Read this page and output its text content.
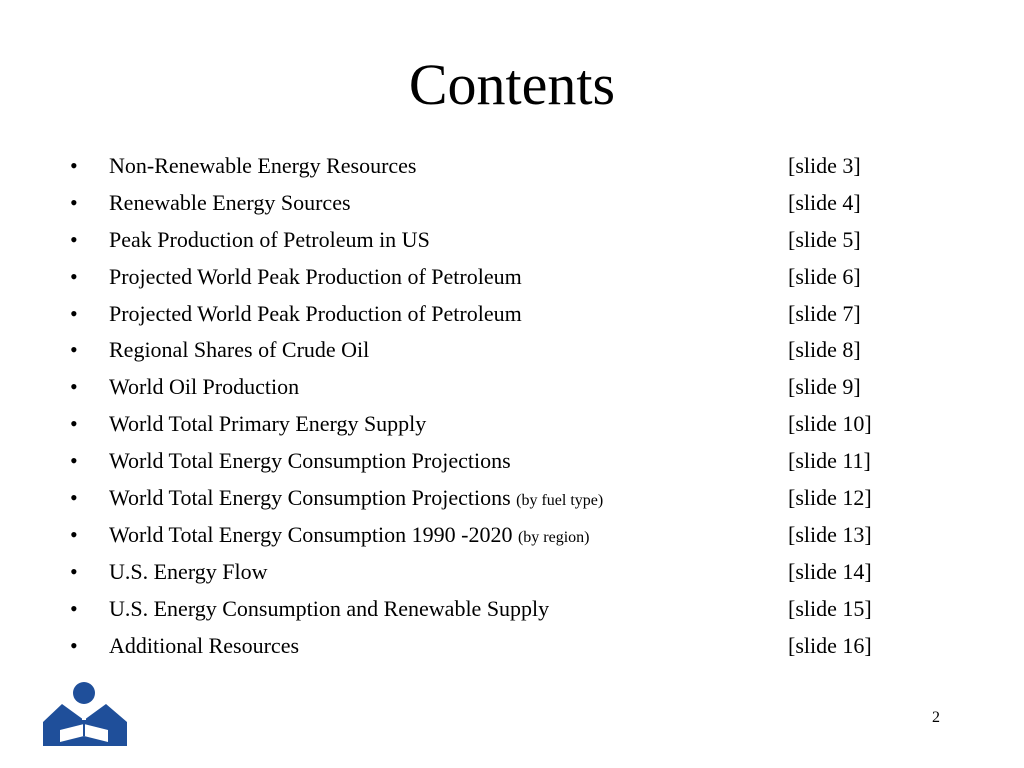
Contents
• Non-Renewable Energy Resources	[slide 3]
• Renewable Energy Sources	[slide 4]
• Peak Production of Petroleum in US	[slide 5]
• Projected World Peak Production of Petroleum	[slide 6]
• Projected World Peak Production of Petroleum	[slide 7]
• Regional Shares of Crude Oil	[slide 8]
• World Oil Production	[slide 9]
• World Total Primary Energy Supply	[slide 10]
• World Total Energy Consumption Projections	[slide 11]
• World Total Energy Consumption Projections (by fuel type)	[slide 12]
• World Total Energy Consumption 1990 -2020 (by region)	[slide 13]
• U.S. Energy Flow	[slide 14]
• U.S. Energy Consumption and Renewable Supply	[slide 15]
• Additional Resources	[slide 16]
2
